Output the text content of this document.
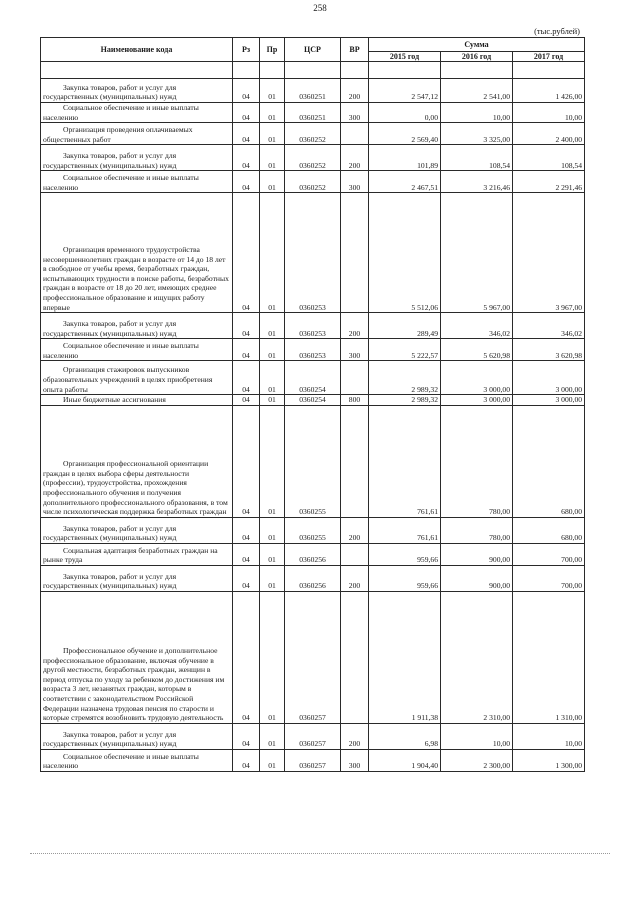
258
(тыс.рублей)
Наименование кода	Рз	Пр	ЦСР	ВР	Сумма		
					2015 год	2016 год	2017 год

Закупка товаров, работ и услуг для государственных (муниципальных) нужд	04	01	0360251	200	2 547,12	2 541,00	1 426,00

Социальное обеспечение и иные выплаты населению	04	01	0360251	300	0,00	10,00	10,00

Организация проведения оплачиваемых общественных работ	04	01	0360252		2 569,40	3 325,00	2 400,00

Закупка товаров, работ и услуг для государственных (муниципальных) нужд	04	01	0360252	200	101,89	108,54	108,54

Социальное обеспечение и иные выплаты населению	04	01	0360252	300	2 467,51	3 216,46	2 291,46

Организация временного трудоустройства несовершеннолетних граждан в возрасте от 14 до 18 лет в свободное от учебы время, безработных граждан, испытывающих трудности в поиске работы, безработных граждан в возрасте от 18 до 20 лет, имеющих среднее профессиональное образование и ищущих работу впервые	04	01	0360253		5 512,06	5 967,00	3 967,00

Закупка товаров, работ и услуг для государственных (муниципальных) нужд	04	01	0360253	200	289,49	346,02	346,02

Социальное обеспечение и иные выплаты населению	04	01	0360253	300	5 222,57	5 620,98	3 620,98

Организация стажировок выпускников образовательных учреждений в целях приобретения опыта работы	04	01	0360254		2 989,32	3 000,00	3 000,00

Иные бюджетные ассигнования	04	01	0360254	800	2 989,32	3 000,00	3 000,00

Организация профессиональной ориентации граждан в целях выбора сферы деятельности (профессии), трудоустройства, прохождения профессионального обучения и получения дополнительного профессионального образования, в том числе психологическая поддержка безработных граждан	04	01	0360255		761,61	780,00	680,00

Закупка товаров, работ и услуг для государственных (муниципальных) нужд	04	01	0360255	200	761,61	780,00	680,00

Социальная адаптация безработных граждан на рынке труда	04	01	0360256		959,66	900,00	700,00

Закупка товаров, работ и услуг для государственных (муниципальных) нужд	04	01	0360256	200	959,66	900,00	700,00

Профессиональное обучение и дополнительное профессиональное образование, включая обучение в другой местности, безработных граждан, женщин в период отпуска по уходу за ребенком до достижения им возраста 3 лет, незанятых граждан, которым в соответствии с законодательством Российской Федерации назначена трудовая пенсия по старости и которые стремятся возобновить трудовую деятельность	04	01	0360257		1 911,38	2 310,00	1 310,00

Закупка товаров, работ и услуг для государственных (муниципальных) нужд	04	01	0360257	200	6,98	10,00	10,00

Социальное обеспечение и иные выплаты населению	04	01	0360257	300	1 904,40	2 300,00	1 300,00
